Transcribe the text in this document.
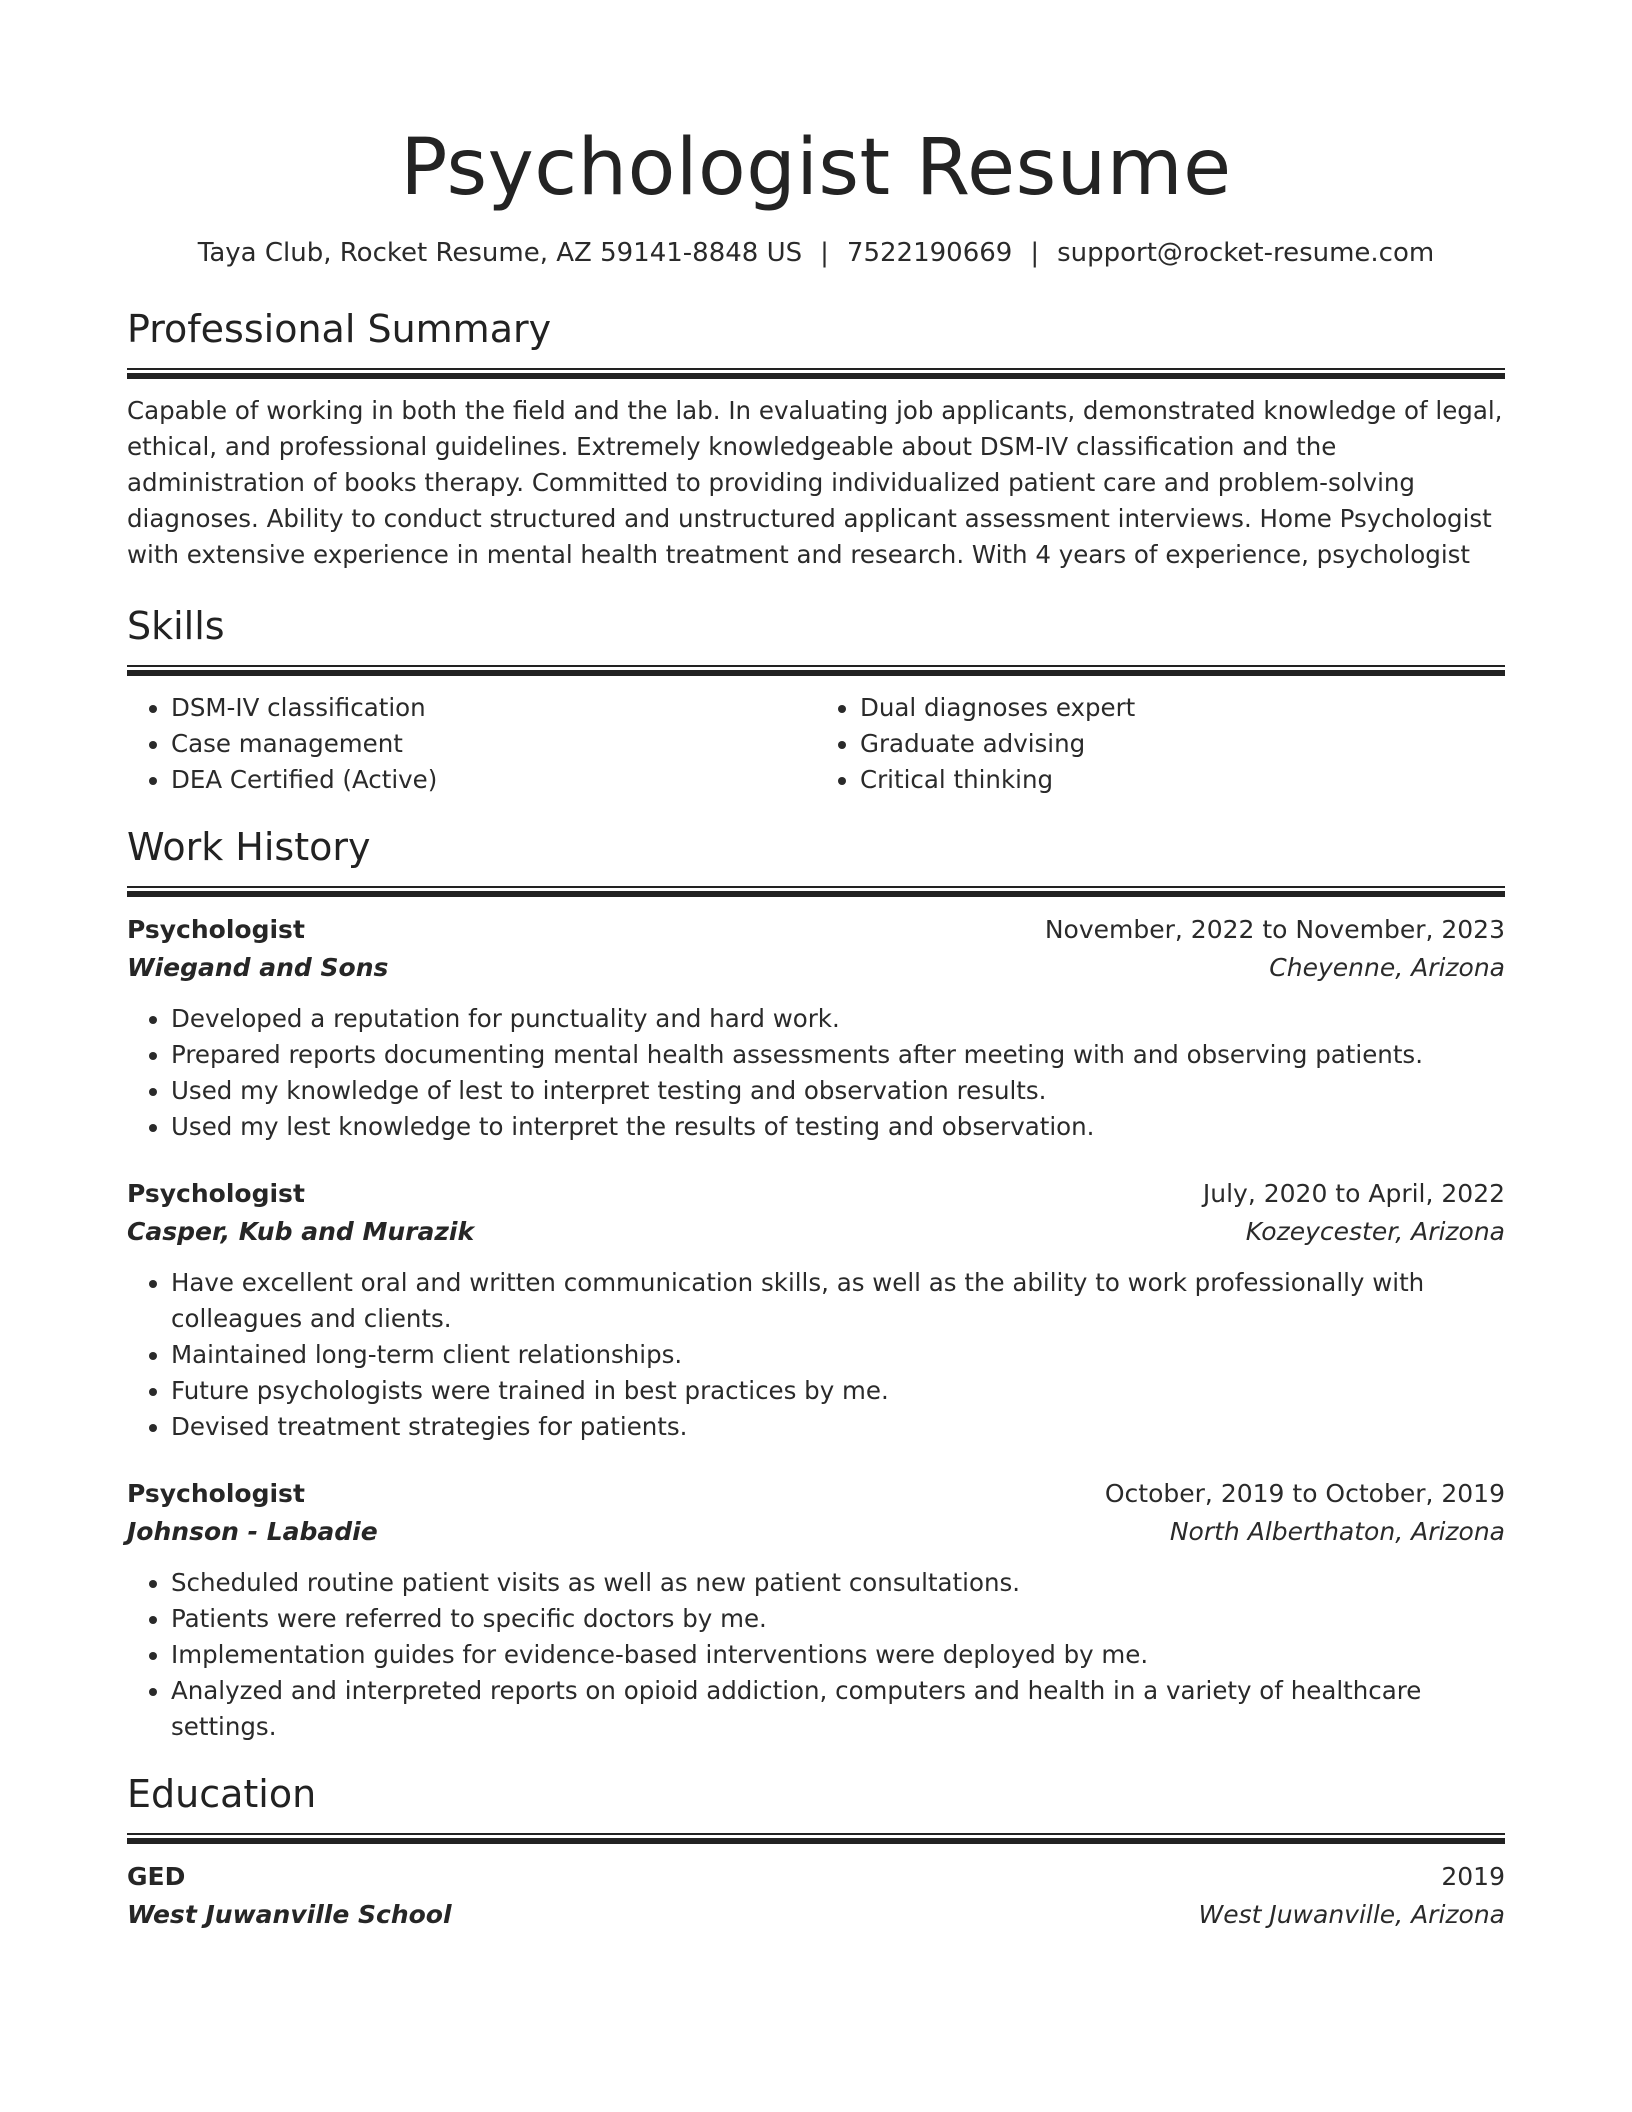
Psychologist Resume
Taya Club, Rocket Resume, AZ 59141-8848 US | 7522190669 | support@rocket-resume.com
Professional Summary

Capable of working in both the field and the lab. In evaluating job applicants, demonstrated knowledge of legal, ethical, and professional guidelines. Extremely knowledgeable about DSM-IV classification and the administration of books therapy. Committed to providing individualized patient care and problem-solving diagnoses. Ability to conduct structured and unstructured applicant assessment interviews. Home Psychologist with extensive experience in mental health treatment and research. With 4 years of experience, psychologist

Skills
• DSM-IV classification
• Case management
• DEA Certified (Active)
• Dual diagnoses expert
• Graduate advising
• Critical thinking
Work History
Psychologist	November, 2022 to November, 2023
Wiegand and Sons	Cheyenne, Arizona
• Developed a reputation for punctuality and hard work.
• Prepared reports documenting mental health assessments after meeting with and observing patients.
• Used my knowledge of lest to interpret testing and observation results.
• Used my lest knowledge to interpret the results of testing and observation.
Psychologist	July, 2020 to April, 2022
Casper, Kub and Murazik	Kozeycester, Arizona
• Have excellent oral and written communication skills, as well as the ability to work professionally with colleagues and clients.
• Maintained long-term client relationships.
• Future psychologists were trained in best practices by me.
• Devised treatment strategies for patients.
Psychologist	October, 2019 to October, 2019
Johnson - Labadie	North Alberthaton, Arizona
• Scheduled routine patient visits as well as new patient consultations.
• Patients were referred to specific doctors by me.
• Implementation guides for evidence-based interventions were deployed by me.
• Analyzed and interpreted reports on opioid addiction, computers and health in a variety of healthcare settings.
Education
GED	2019
West Juwanville School	West Juwanville, Arizona
